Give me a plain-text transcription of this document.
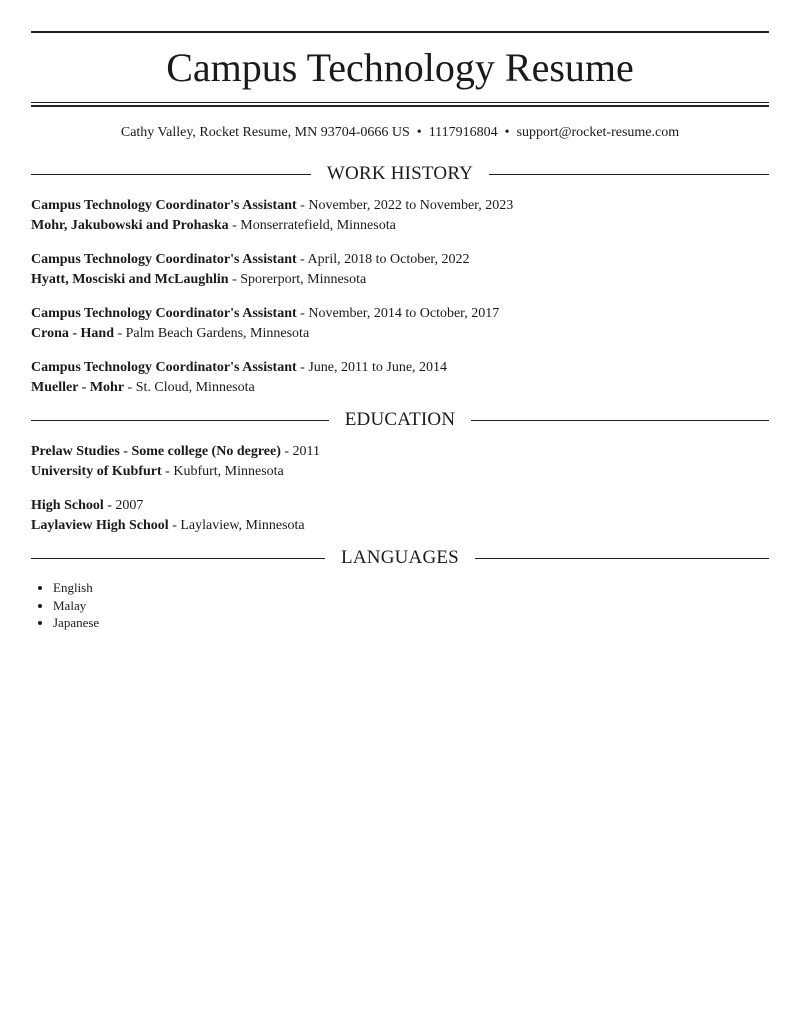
Campus Technology Resume
Cathy Valley, Rocket Resume, MN 93704-0666 US • 1117916804 • support@rocket-resume.com
WORK HISTORY
Campus Technology Coordinator's Assistant - November, 2022 to November, 2023
Mohr, Jakubowski and Prohaska - Monserratefield, Minnesota
Campus Technology Coordinator's Assistant - April, 2018 to October, 2022
Hyatt, Mosciski and McLaughlin - Sporerport, Minnesota
Campus Technology Coordinator's Assistant - November, 2014 to October, 2017
Crona - Hand - Palm Beach Gardens, Minnesota
Campus Technology Coordinator's Assistant - June, 2011 to June, 2014
Mueller - Mohr - St. Cloud, Minnesota
EDUCATION
Prelaw Studies - Some college (No degree) - 2011
University of Kubfurt - Kubfurt, Minnesota
High School - 2007
Laylaview High School - Laylaview, Minnesota
LANGUAGES
• English
• Malay
• Japanese
